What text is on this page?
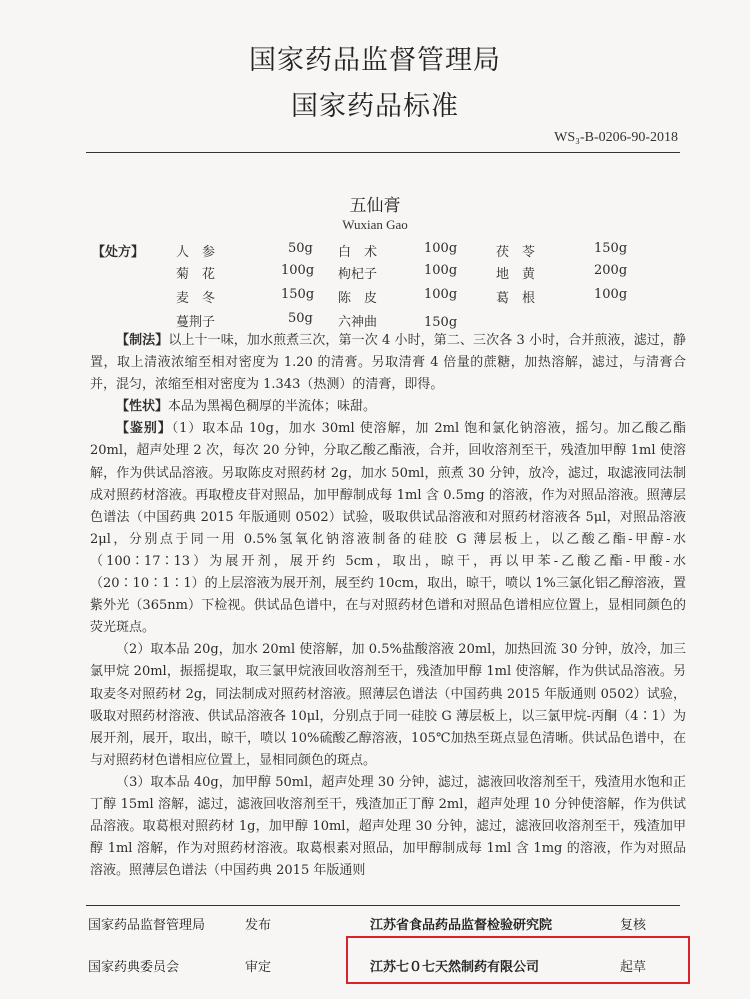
国家药品监督管理局
国家药品标准
WS₃-B-0206-90-2018
五仙膏
Wuxian Gao
【处方】 人　参	50g 白　术	100g	茯　苓	150g
菊　花	100g 枸杞子	100g	地　黄	200g
麦　冬	150g 陈　皮	100g	葛　根	100g
蔓荆子	50g 六神曲	150g

【制法】以上十一味，加水煎煮三次，第一次 4 小时，第二、三次各 3 小时，合并煎液，滤过，静置，取上清液浓缩至相对密度为 1.20 的清膏。另取清膏 4 倍量的蔗糖，加热溶解，滤过，与清膏合并，混匀，浓缩至相对密度为 1.343（热测）的清膏，即得。

【性状】本品为黑褐色稠厚的半流体；味甜。

【鉴别】（1）取本品 10g，加水 30ml 使溶解，加 2ml 饱和氯化钠溶液，摇匀。加乙酸乙酯 20ml，超声处理 2 次，每次 20 分钟，分取乙酸乙酯液，合并，回收溶剂至干，残渣加甲醇 1ml 使溶解，作为供试品溶液。另取陈皮对照药材 2g，加水 50ml，煎煮 30 分钟，放冷，滤过，取滤液同法制成对照药材溶液。再取橙皮苷对照品，加甲醇制成每 1ml 含 0.5mg 的溶液，作为对照品溶液。照薄层色谱法（中国药典 2015 年版通则 0502）试验，吸取供试品溶液和对照药材溶液各 5μl，对照品溶液 2μl，分别点于同一用 0.5%氢氧化钠溶液制备的硅胶 G 薄层板上，以乙酸乙酯-甲醇-水（100∶17∶13）为展开剂，展开约 5cm，取出，晾干，再以甲苯-乙酸乙酯-甲酸-水（20∶10∶1∶1）的上层溶液为展开剂，展至约 10cm，取出，晾干，喷以 1%三氯化铝乙醇溶液，置紫外光（365nm）下检视。供试品色谱中，在与对照药材色谱和对照品色谱相应位置上，显相同颜色的荧光斑点。

（2）取本品 20g，加水 20ml 使溶解，加 0.5%盐酸溶液 20ml，加热回流 30 分钟，放冷，加三氯甲烷 20ml，振摇提取，取三氯甲烷液回收溶剂至干，残渣加甲醇 1ml 使溶解，作为供试品溶液。另取麦冬对照药材 2g，同法制成对照药材溶液。照薄层色谱法（中国药典 2015 年版通则 0502）试验，吸取对照药材溶液、供试品溶液各 10μl，分别点于同一硅胶 G 薄层板上，以三氯甲烷-丙酮（4∶1）为展开剂，展开，取出，晾干，喷以 10%硫酸乙醇溶液，105℃加热至斑点显色清晰。供试品色谱中，在与对照药材色谱相应位置上，显相同颜色的斑点。

（3）取本品 40g，加甲醇 50ml，超声处理 30 分钟，滤过，滤液回收溶剂至干，残渣用水饱和正丁醇 15ml 溶解，滤过，滤液回收溶剂至干，残渣加正丁醇 2ml，超声处理 10 分钟使溶解，作为供试品溶液。取葛根对照药材 1g，加甲醇 10ml，超声处理 30 分钟，滤过，滤液回收溶剂至干，残渣加甲醇 1ml 溶解，作为对照药材溶液。取葛根素对照品，加甲醇制成每 1ml 含 1mg 的溶液，作为对照品溶液。照薄层色谱法（中国药典 2015 年版通则

国家药品监督管理局	发布	江苏省食品药品监督检验研究院	复核
国家药典委员会	审定	江苏七０七天然制药有限公司	起草
